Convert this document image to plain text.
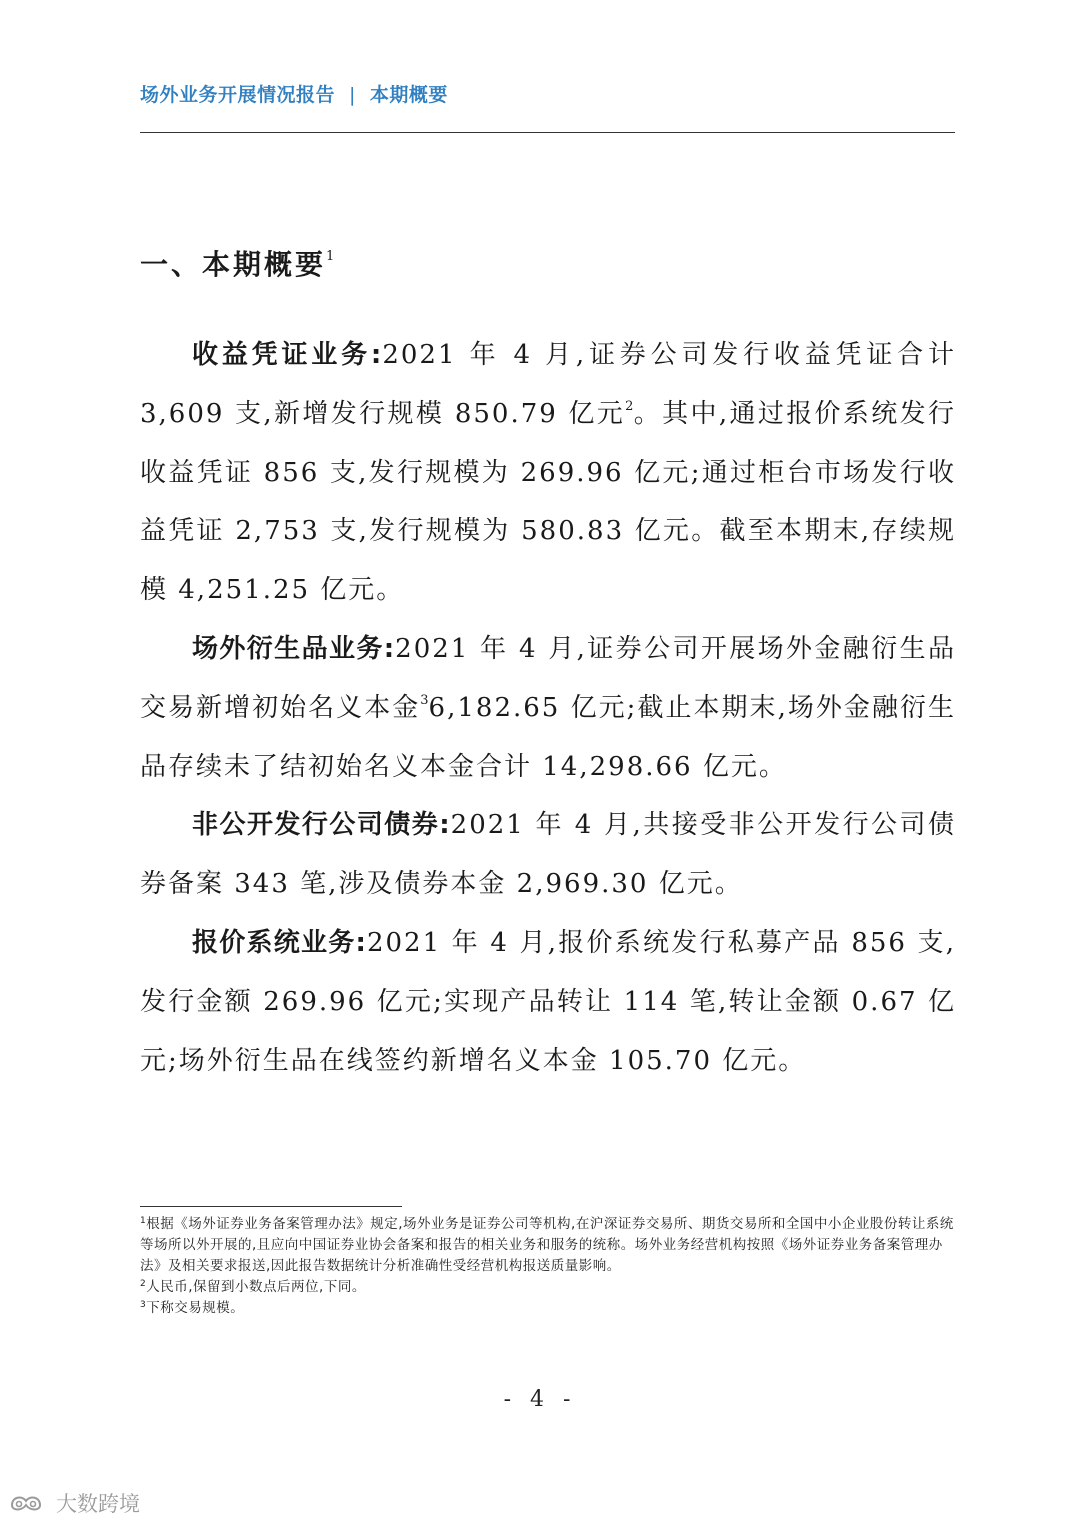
场外业务开展情况报告 | 本期概要
一、本期概要$^1$

收益凭证业务:2021 年 4 月,证券公司发行收益凭证合计 3,609 支,新增发行规模 850.79 亿元$^2$。其中,通过报价系统发行收益凭证 856 支,发行规模为 269.96 亿元;通过柜台市场发行收益凭证 2,753 支,发行规模为 580.83 亿元。截至本期末,存续规模 4,251.25 亿元。

场外衍生品业务:2021 年 4 月,证券公司开展场外金融衍生品交易新增初始名义本金$^3$6,182.65 亿元;截止本期末,场外金融衍生品存续未了结初始名义本金合计 14,298.66 亿元。

非公开发行公司债券:2021 年 4 月,共接受非公开发行公司债券备案 343 笔,涉及债券本金 2,969.30 亿元。

报价系统业务:2021 年 4 月,报价系统发行私募产品 856 支,发行金额 269.96 亿元;实现产品转让 114 笔,转让金额 0.67 亿元;场外衍生品在线签约新增名义本金 105.70 亿元。

$^1$根据《场外证券业务备案管理办法》规定,场外业务是证券公司等机构,在沪深证券交易所、期货交易所和全国中小企业股份转让系统等场所以外开展的,且应向中国证券业协会备案和报告的相关业务和服务的统称。场外业务经营机构按照《场外证券业务备案管理办法》及相关要求报送,因此报告数据统计分析准确性受经营机构报送质量影响。

$^2$人民币,保留到小数点后两位,下同。

$^3$下称交易规模。

- 4 -
大数跨境
